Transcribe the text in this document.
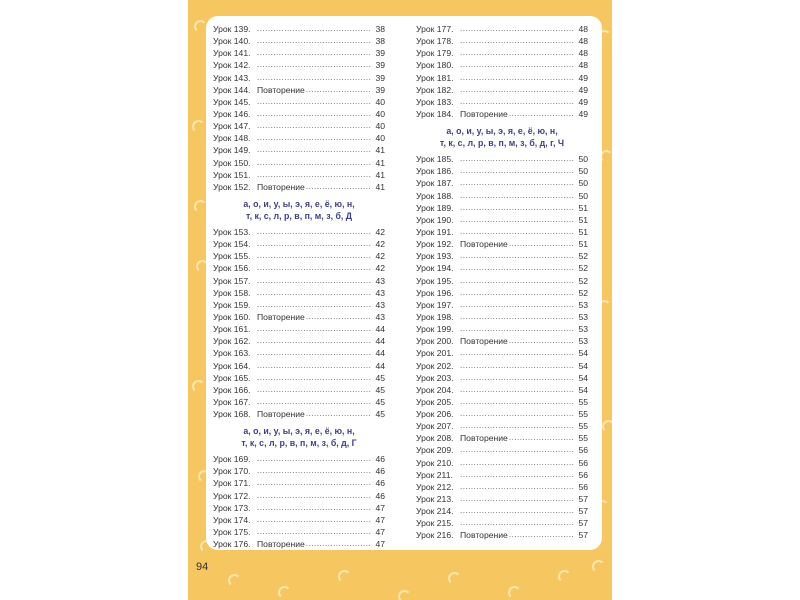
Урок 139. .....	38
Урок 140. .....	38
Урок 141. .....	39
Урок 142. .....	39
Урок 143. .....	39
Урок 144. Повторение .....	39
Урок 145. .....	40
Урок 146. .....	40
Урок 147. .....	40
Урок 148. .....	40
Урок 149. .....	41
Урок 150. .....	41
Урок 151. .....	41
Урок 152. Повторение .....	41
а, о, и, у, ы, э, я, е, ё, ю, н,
т, к, с, л, р, в, п, м, з, б, Д
Урок 153. .....	42
Урок 154. .....	42
Урок 155. .....	42
Урок 156. .....	42
Урок 157. .....	43
Урок 158. .....	43
Урок 159. .....	43
Урок 160. Повторение .....	43
Урок 161. .....	44
Урок 162. .....	44
Урок 163. .....	44
Урок 164. .....	44
Урок 165. .....	45
Урок 166. .....	45
Урок 167. .....	45
Урок 168. Повторение .....	45
а, о, и, у, ы, э, я, е, ё, ю, н,
т, к, с, л, р, в, п, м, з, б, д, Г
Урок 169. .....	46
Урок 170. .....	46
Урок 171. .....	46
Урок 172. .....	46
Урок 173. .....	47
Урок 174. .....	47
Урок 175. .....	47
Урок 176. Повторение .....	47
Урок 177. .....	48
Урок 178. .....	48
Урок 179. .....	48
Урок 180. .....	48
Урок 181. .....	49
Урок 182. .....	49
Урок 183. .....	49
Урок 184. Повторение .....	49
а, о, и, у, ы, э, я, е, ё, ю, н,
т, к, с, л, р, в, п, м, з, б, д, г, Ч
Урок 185. .....	50
Урок 186. .....	50
Урок 187. .....	50
Урок 188. .....	50
Урок 189. .....	51
Урок 190. .....	51
Урок 191. .....	51
Урок 192. Повторение .....	51
Урок 193. .....	52
Урок 194. .....	52
Урок 195. .....	52
Урок 196. .....	52
Урок 197. .....	53
Урок 198. .....	53
Урок 199. .....	53
Урок 200. Повторение .....	53
Урок 201. .....	54
Урок 202. .....	54
Урок 203. .....	54
Урок 204. .....	54
Урок 205. .....	55
Урок 206. .....	55
Урок 207. .....	55
Урок 208. Повторение .....	55
Урок 209. .....	56
Урок 210. .....	56
Урок 211. .....	56
Урок 212. .....	56
Урок 213. .....	57
Урок 214. .....	57
Урок 215. .....	57
Урок 216. Повторение .....	57
94
